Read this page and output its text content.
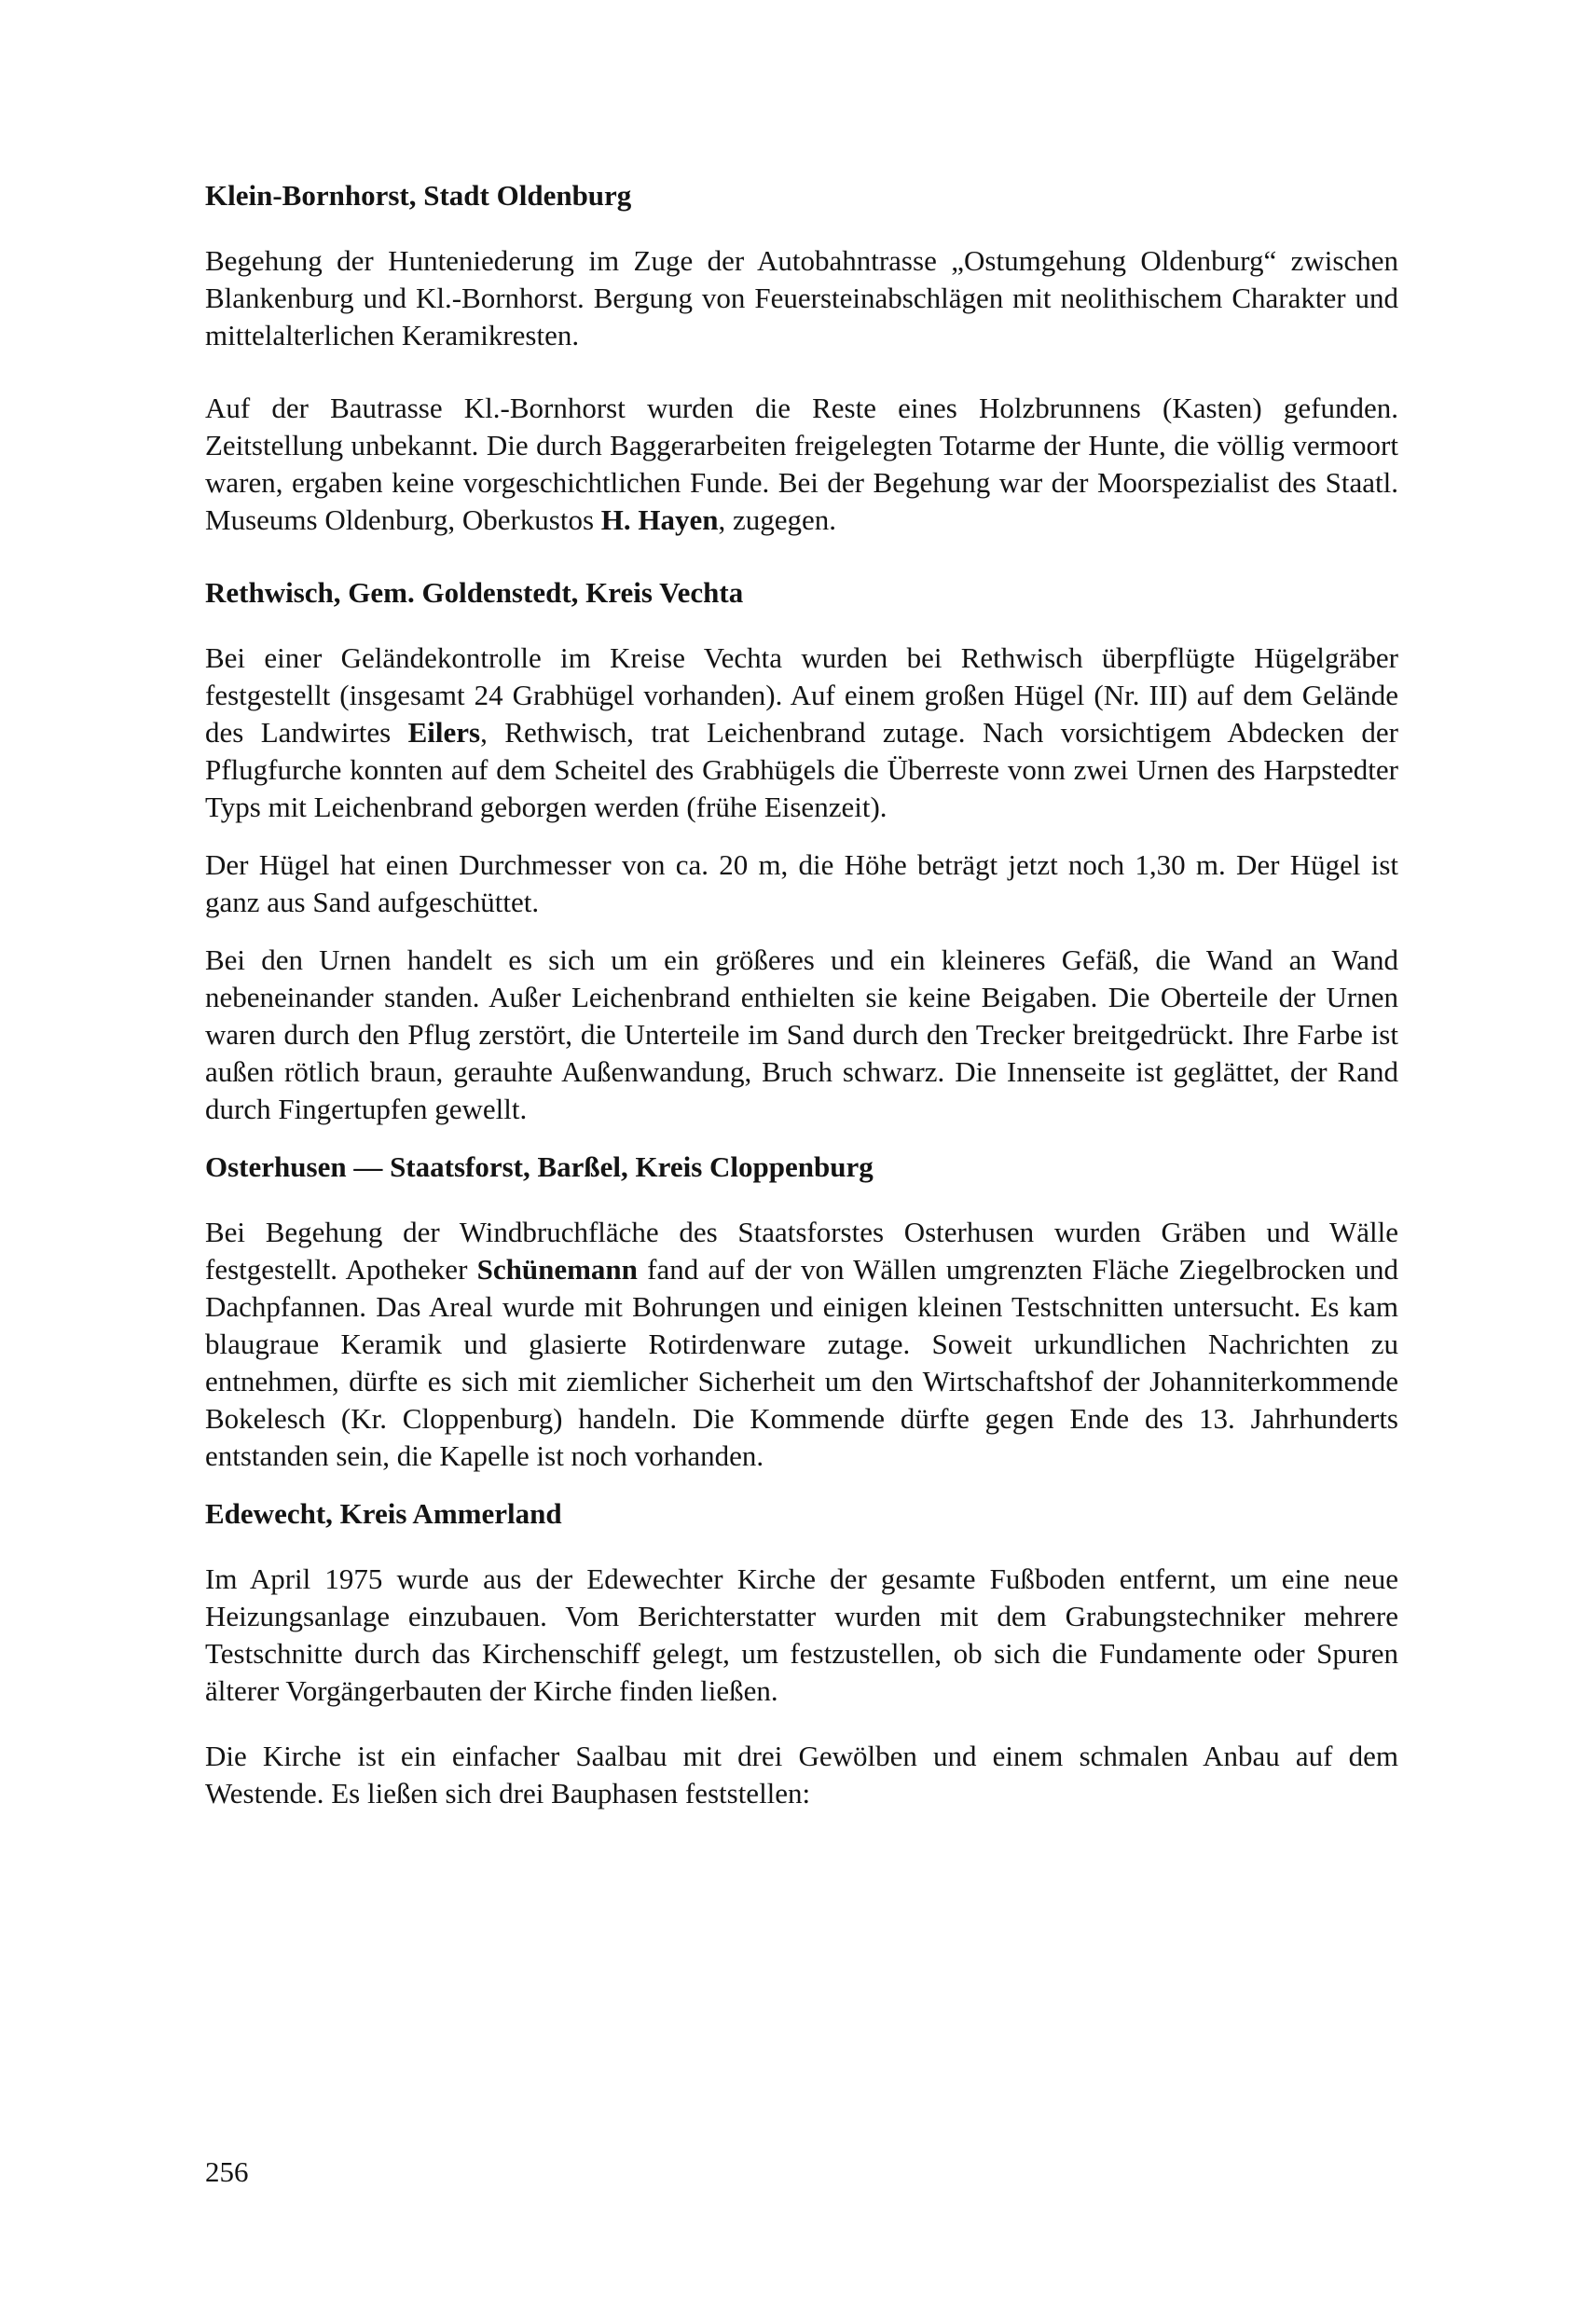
Klein-Bornhorst, Stadt Oldenburg

Begehung der Hunteniederung im Zuge der Autobahntrasse „Ostumgehung Oldenburg“ zwischen Blankenburg und Kl.-Bornhorst. Bergung von Feuersteinabschlägen mit neolithischem Charakter und mittelalterlichen Keramikresten.

Auf der Bautrasse Kl.-Bornhorst wurden die Reste eines Holzbrunnens (Kasten) gefunden. Zeitstellung unbekannt. Die durch Baggerarbeiten freigelegten Totarme der Hunte, die völlig vermoort waren, ergaben keine vorgeschichtlichen Funde. Bei der Begehung war der Moorspezialist des Staatl. Museums Oldenburg, Oberkustos H. Hayen, zugegen.

Rethwisch, Gem. Goldenstedt, Kreis Vechta

Bei einer Geländekontrolle im Kreise Vechta wurden bei Rethwisch überpflügte Hügelgräber festgestellt (insgesamt 24 Grabhügel vorhanden). Auf einem großen Hügel (Nr. III) auf dem Gelände des Landwirtes Eilers, Rethwisch, trat Leichenbrand zutage. Nach vorsichtigem Abdecken der Pflugfurche konnten auf dem Scheitel des Grabhügels die Überreste vonn zwei Urnen des Harpstedter Typs mit Leichenbrand geborgen werden (frühe Eisenzeit).

Der Hügel hat einen Durchmesser von ca. 20 m, die Höhe beträgt jetzt noch 1,30 m. Der Hügel ist ganz aus Sand aufgeschüttet.

Bei den Urnen handelt es sich um ein größeres und ein kleineres Gefäß, die Wand an Wand nebeneinander standen. Außer Leichenbrand enthielten sie keine Beigaben. Die Oberteile der Urnen waren durch den Pflug zerstört, die Unterteile im Sand durch den Trecker breitgedrückt. Ihre Farbe ist außen rötlich braun, gerauhte Außenwandung, Bruch schwarz. Die Innenseite ist geglättet, der Rand durch Fingertupfen gewellt.

Osterhusen — Staatsforst, Barßel, Kreis Cloppenburg

Bei Begehung der Windbruchfläche des Staatsforstes Osterhusen wurden Gräben und Wälle festgestellt. Apotheker Schünemann fand auf der von Wällen umgrenzten Fläche Ziegelbrocken und Dachpfannen. Das Areal wurde mit Bohrungen und einigen kleinen Testschnitten untersucht. Es kam blaugraue Keramik und glasierte Rotirdenware zutage. Soweit urkundlichen Nachrichten zu entnehmen, dürfte es sich mit ziemlicher Sicherheit um den Wirtschaftshof der Johanniterkommende Bokelesch (Kr. Cloppenburg) handeln. Die Kommende dürfte gegen Ende des 13. Jahrhunderts entstanden sein, die Kapelle ist noch vorhanden.

Edewecht, Kreis Ammerland

Im April 1975 wurde aus der Edewechter Kirche der gesamte Fußboden entfernt, um eine neue Heizungsanlage einzubauen. Vom Berichterstatter wurden mit dem Grabungstechniker mehrere Testschnitte durch das Kirchenschiff gelegt, um festzustellen, ob sich die Fundamente oder Spuren älterer Vorgängerbauten der Kirche finden ließen.

Die Kirche ist ein einfacher Saalbau mit drei Gewölben und einem schmalen Anbau auf dem Westende. Es ließen sich drei Bauphasen feststellen:

256
